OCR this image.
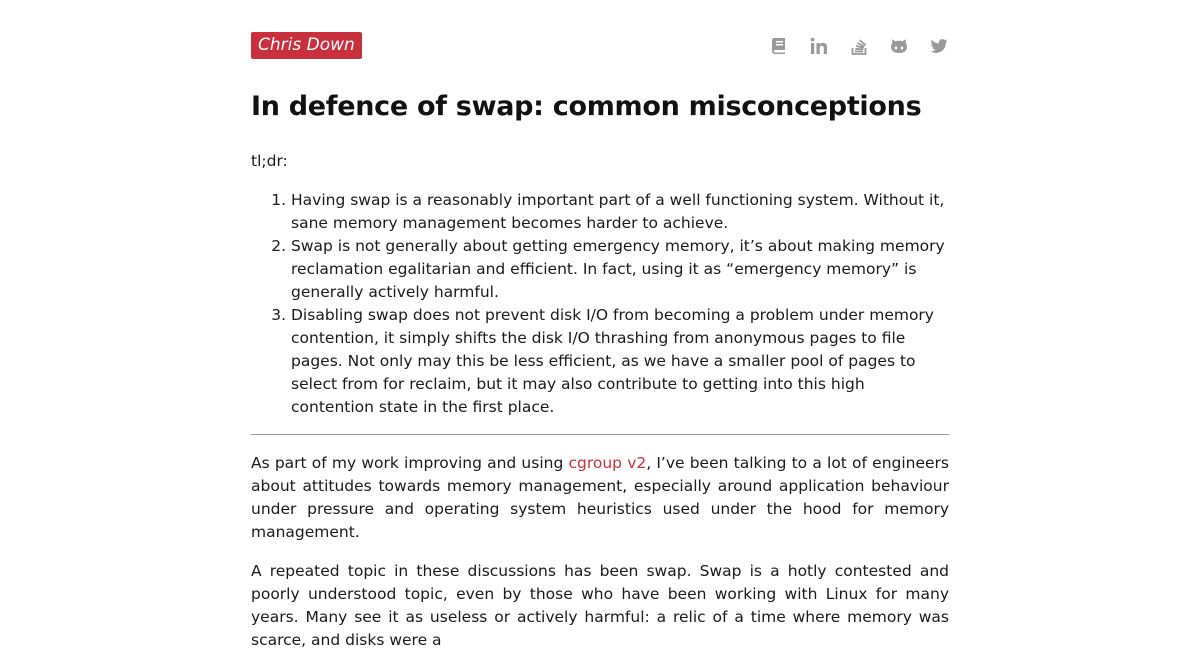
Chris Down
In defence of swap: common misconceptions

tl;dr:

1. Having swap is a reasonably important part of a well functioning system. Without it, sane memory management becomes harder to achieve.
2. Swap is not generally about getting emergency memory, it’s about making memory reclamation egalitarian and efficient. In fact, using it as “emergency memory” is generally actively harmful.
3. Disabling swap does not prevent disk I/O from becoming a problem under memory contention, it simply shifts the disk I/O thrashing from anonymous pages to file pages. Not only may this be less efficient, as we have a smaller pool of pages to select from for reclaim, but it may also contribute to getting into this high contention state in the first place.

As part of my work improving and using cgroup v2, I’ve been talking to a lot of engineers about attitudes towards memory management, especially around application behaviour under pressure and operating system heuristics used under the hood for memory management.

A repeated topic in these discussions has been swap. Swap is a hotly contested and poorly understood topic, even by those who have been working with Linux for many years. Many see it as useless or actively harmful: a relic of a time where memory was scarce, and disks were a
